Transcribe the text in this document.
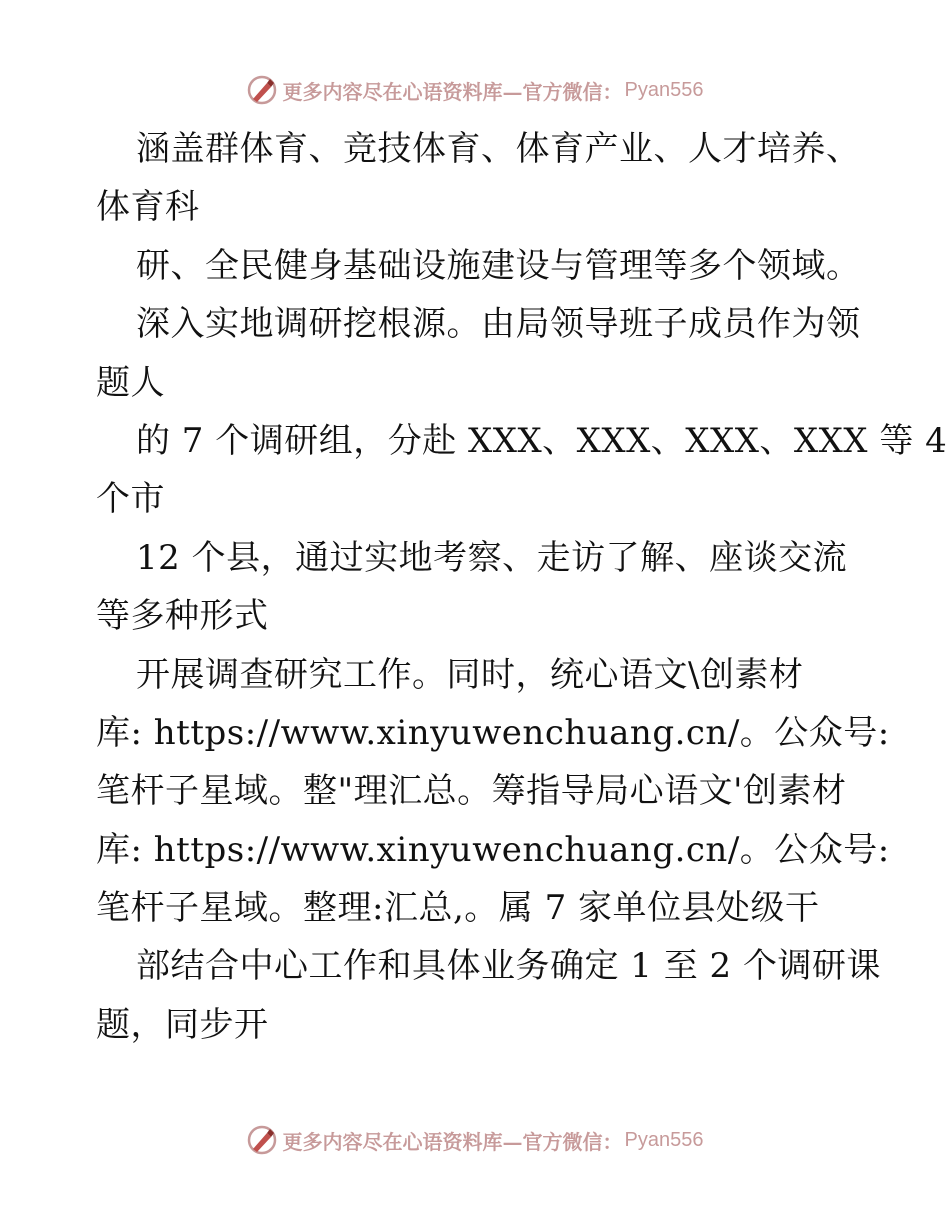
更多内容尽在心语资料库—官方微信： Pyan556
涵盖群体育、竞技体育、体育产业、人才培养、
体育科
研、全民健身基础设施建设与管理等多个领域。
深入实地调研挖根源。由局领导班子成员作为领
题人
的 7 个调研组，分赴 XXX、XXX、XXX、XXX 等 4
个市
12 个县，通过实地考察、走访了解、座谈交流
等多种形式
开展调查研究工作。同时，统心语文\创素材
库: https://www.xinyuwenchuang.cn/。公众号:
笔杆子星域。整"理汇总。筹指导局心语文'创素材
库: https://www.xinyuwenchuang.cn/。公众号:
笔杆子星域。整理:汇总,。属 7 家单位县处级干
部结合中心工作和具体业务确定 1 至 2 个调研课
题，同步开
更多内容尽在心语资料库—官方微信： Pyan556
